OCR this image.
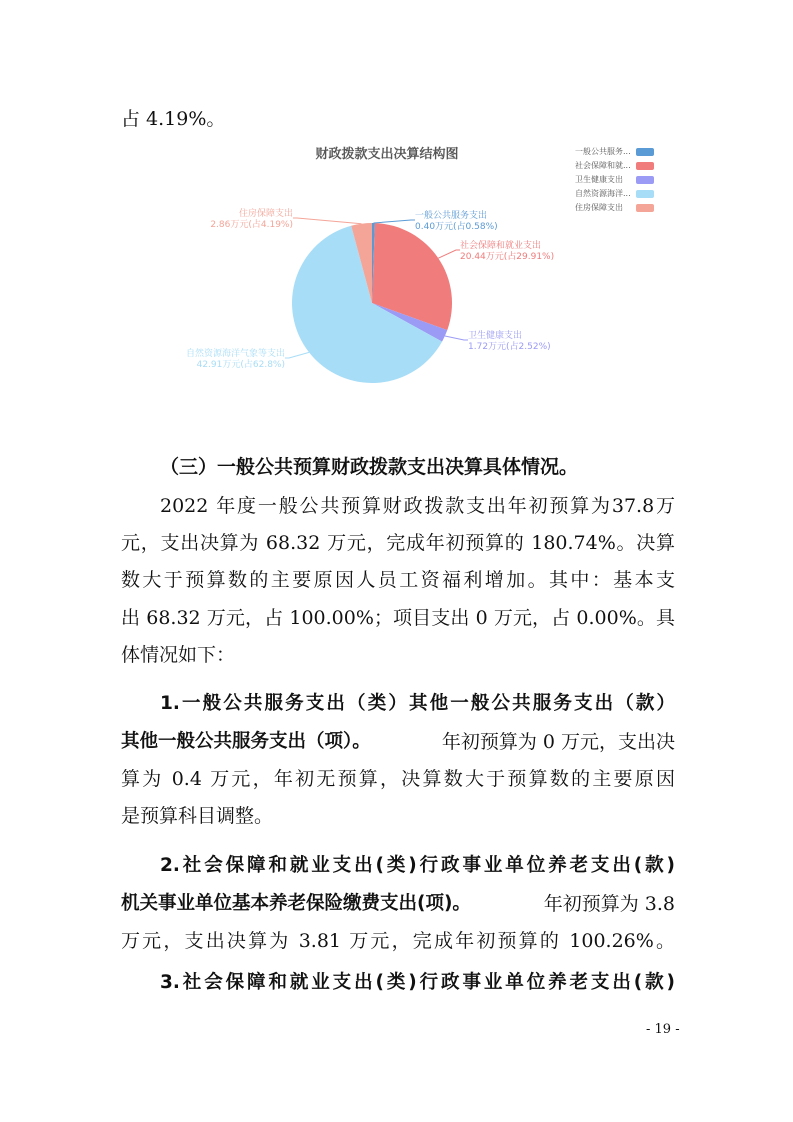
占 4.19%。
财政拨款支出决算结构图	一般公共服务...
社会保障和就...
卫生健康支出
自然资源海洋...
住房保障支出
一般公共服务支出
0.40万元(占0.58%)
社会保障和就业支出
20.44万元(占29.91%)
卫生健康支出
1.72万元(占2.52%)
自然资源海洋气象等支出
42.91万元(占62.8%)
住房保障支出
2.86万元(占4.19%)
（三）一般公共预算财政拨款支出决算具体情况。
2022 年度一般公共预算财政拨款支出年初预算为37.8万
元，支出决算为 68.32 万元，完成年初预算的 180.74%。决算
数大于预算数的主要原因人员工资福利增加。其中：基本支
出 68.32 万元，占 100.00%；项目支出 0 万元，占 0.00%。具
体情况如下：
1.一般公共服务支出（类）其他一般公共服务支出（款）
其他一般公共服务支出（项）。	年初预算为 0 万元，支出决
算为 0.4 万元，年初无预算，决算数大于预算数的主要原因
是预算科目调整。
2.社会保障和就业支出(类)行政事业单位养老支出(款)
机关事业单位基本养老保险缴费支出(项)。	年初预算为 3.8
万元，支出决算为 3.81 万元，完成年初预算的 100.26%。
3.社会保障和就业支出(类)行政事业单位养老支出(款)
- 19 -
